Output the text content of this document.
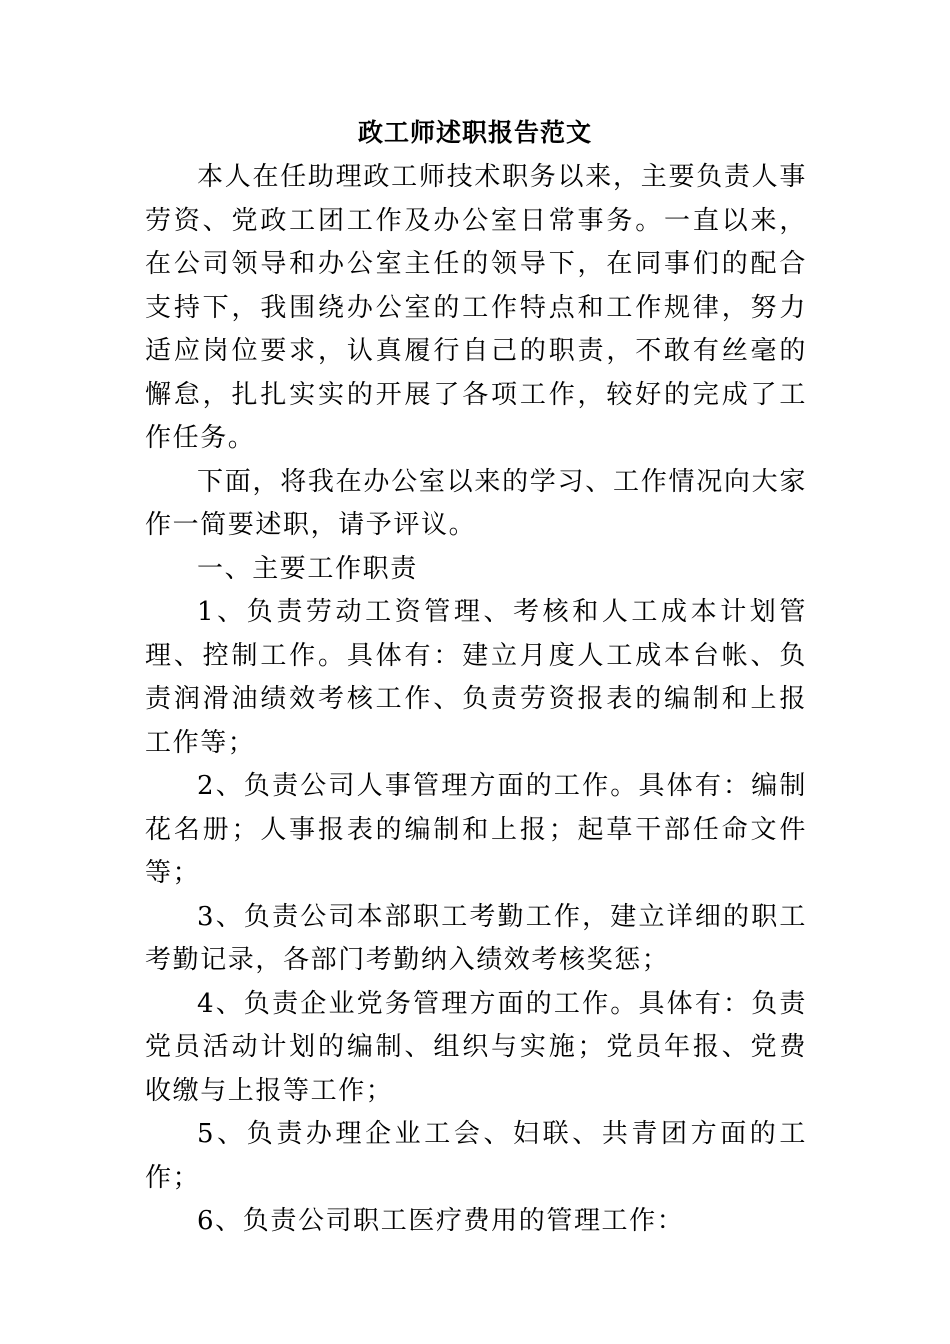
政工师述职报告范文

本人在任助理政工师技术职务以来，主要负责人事劳资、党政工团工作及办公室日常事务。一直以来，在公司领导和办公室主任的领导下，在同事们的配合支持下，我围绕办公室的工作特点和工作规律，努力适应岗位要求，认真履行自己的职责，不敢有丝毫的懈怠，扎扎实实的开展了各项工作，较好的完成了工作任务。

下面，将我在办公室以来的学习、工作情况向大家作一简要述职，请予评议。

一、主要工作职责

1、负责劳动工资管理、考核和人工成本计划管理、控制工作。具体有：建立月度人工成本台帐、负责润滑油绩效考核工作、负责劳资报表的编制和上报工作等；

2、负责公司人事管理方面的工作。具体有：编制花名册；人事报表的编制和上报；起草干部任命文件等；

3、负责公司本部职工考勤工作，建立详细的职工考勤记录，各部门考勤纳入绩效考核奖惩；

4、负责企业党务管理方面的工作。具体有：负责党员活动计划的编制、组织与实施；党员年报、党费收缴与上报等工作；

5、负责办理企业工会、妇联、共青团方面的工作；

6、负责公司职工医疗费用的管理工作：
